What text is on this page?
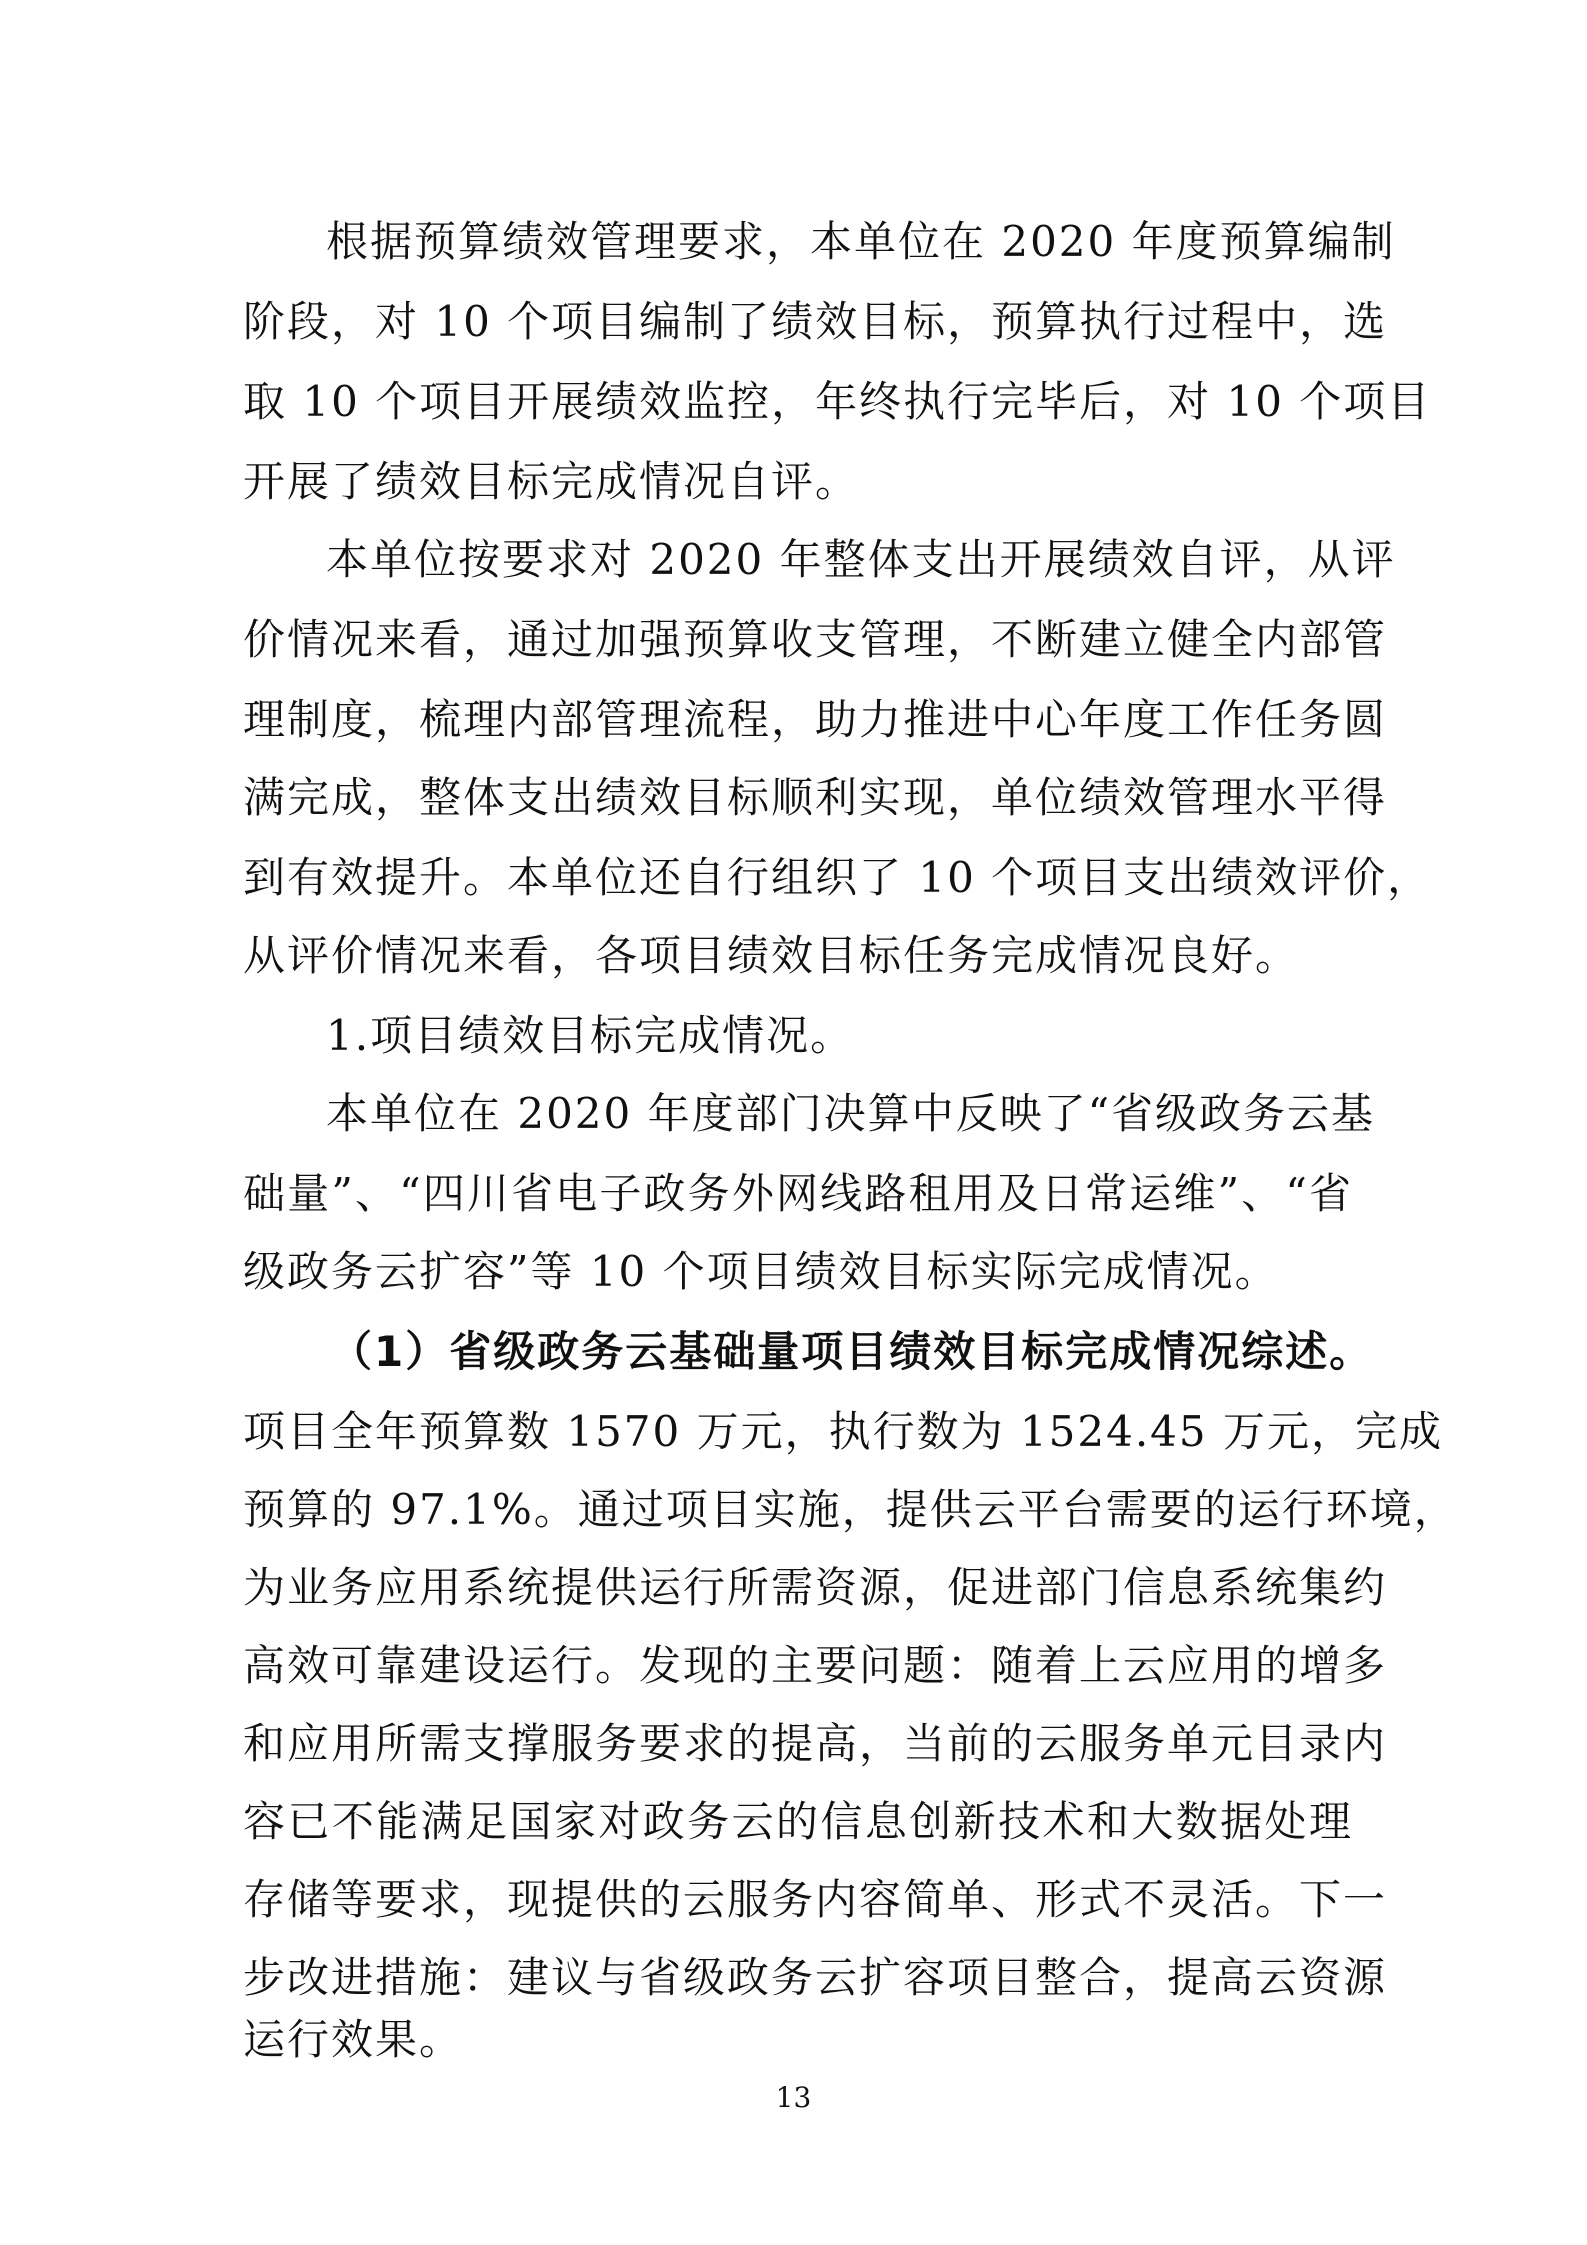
根据预算绩效管理要求，本单位在 2020 年度预算编制
阶段，对 10 个项目编制了绩效目标，预算执行过程中，选
取 10 个项目开展绩效监控，年终执行完毕后，对 10 个项目
开展了绩效目标完成情况自评。
本单位按要求对 2020 年整体支出开展绩效自评，从评
价情况来看，通过加强预算收支管理，不断建立健全内部管
理制度，梳理内部管理流程，助力推进中心年度工作任务圆
满完成，整体支出绩效目标顺利实现，单位绩效管理水平得
到有效提升。本单位还自行组织了 10 个项目支出绩效评价，
从评价情况来看，各项目绩效目标任务完成情况良好。
1.项目绩效目标完成情况。
本单位在 2020 年度部门决算中反映了“省级政务云基
础量”、“四川省电子政务外网线路租用及日常运维”、“省
级政务云扩容”等 10 个项目绩效目标实际完成情况。
（1）省级政务云基础量项目绩效目标完成情况综述。
项目全年预算数 1570 万元，执行数为 1524.45 万元，完成
预算的 97.1%。通过项目实施，提供云平台需要的运行环境，
为业务应用系统提供运行所需资源，促进部门信息系统集约
高效可靠建设运行。发现的主要问题：随着上云应用的增多
和应用所需支撑服务要求的提高，当前的云服务单元目录内
容已不能满足国家对政务云的信息创新技术和大数据处理
存储等要求，现提供的云服务内容简单、形式不灵活。下一
步改进措施：建议与省级政务云扩容项目整合，提高云资源
13
运行效果。
